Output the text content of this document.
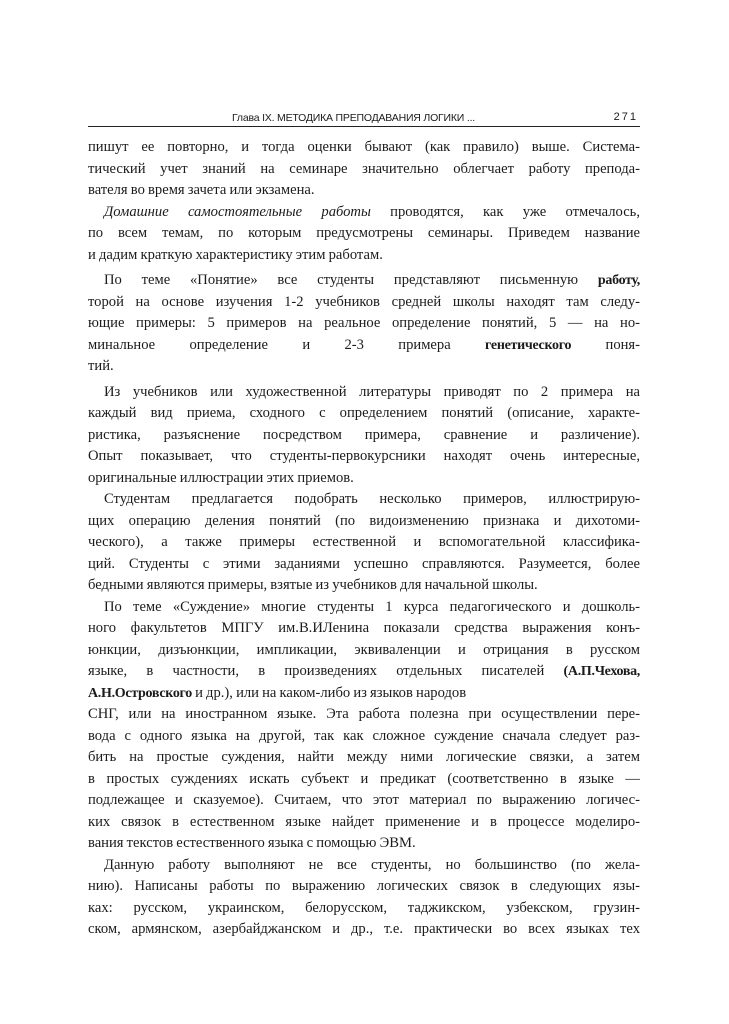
Глава IX. МЕТОДИКА ПРЕПОДАВАНИЯ ЛОГИКИ ...	271
пишут ее повторно, и тогда оценки бывают (как правило) выше. Система-
тический учет знаний на семинаре значительно облегчает работу препода-
вателя во время зачета или экзамена.
Домашние самостоятельные работы проводятся, как уже отмечалось,
по всем темам, по которым предусмотрены семинары. Приведем название
и дадим краткую характеристику этим работам.
По теме «Понятие» все студенты представляют письменную работу,
торой на основе изучения 1-2 учебников средней школы находят там следу-
ющие примеры: 5 примеров на реальное определение понятий, 5 — на но-
минальное определение и 2-3 примера генетического поня-
тий.
Из учебников или художественной литературы приводят по 2 примера на
каждый вид приема, сходного с определением понятий (описание, характе-
ристика, разъяснение посредством примера, сравнение и различение).
Опыт показывает, что студенты-первокурсники находят очень интересные,
оригинальные иллюстрации этих приемов.
Студентам предлагается подобрать несколько примеров, иллюстрирую-
щих операцию деления понятий (по видоизменению признака и дихотоми-
ческого), а также примеры естественной и вспомогательной классифика-
ций. Студенты с этими заданиями успешно справляются. Разумеется, более
бедными являются примеры, взятые из учебников для начальной школы.
По теме «Суждение» многие студенты 1 курса педагогического и дошколь-
ного факультетов МПГУ им.В.ИЛенина показали средства выражения конъ-
юнкции, дизъюнкции, импликации, эквиваленции и отрицания в русском
языке, в частности, в произведениях отдельных писателей (А.П.Чехова,
А.Н.Островского и др.), или на каком-либо из языков народов
СНГ, или на иностранном языке. Эта работа полезна при осуществлении пере-
вода с одного языка на другой, так как сложное суждение сначала следует раз-
бить на простые суждения, найти между ними логические связки, а затем
в простых суждениях искать субъект и предикат (соответственно в языке —
подлежащее и сказуемое). Считаем, что этот материал по выражению логичес-
ких связок в естественном языке найдет применение и в процессе моделиро-
вания текстов естественного языка с помощью ЭВМ.
Данную работу выполняют не все студенты, но большинство (по жела-
нию). Написаны работы по выражению логических связок в следующих язы-
ках: русском, украинском, белорусском, таджикском, узбекском, грузин-
ском, армянском, азербайджанском и др., т.е. практически во всех языках тех
